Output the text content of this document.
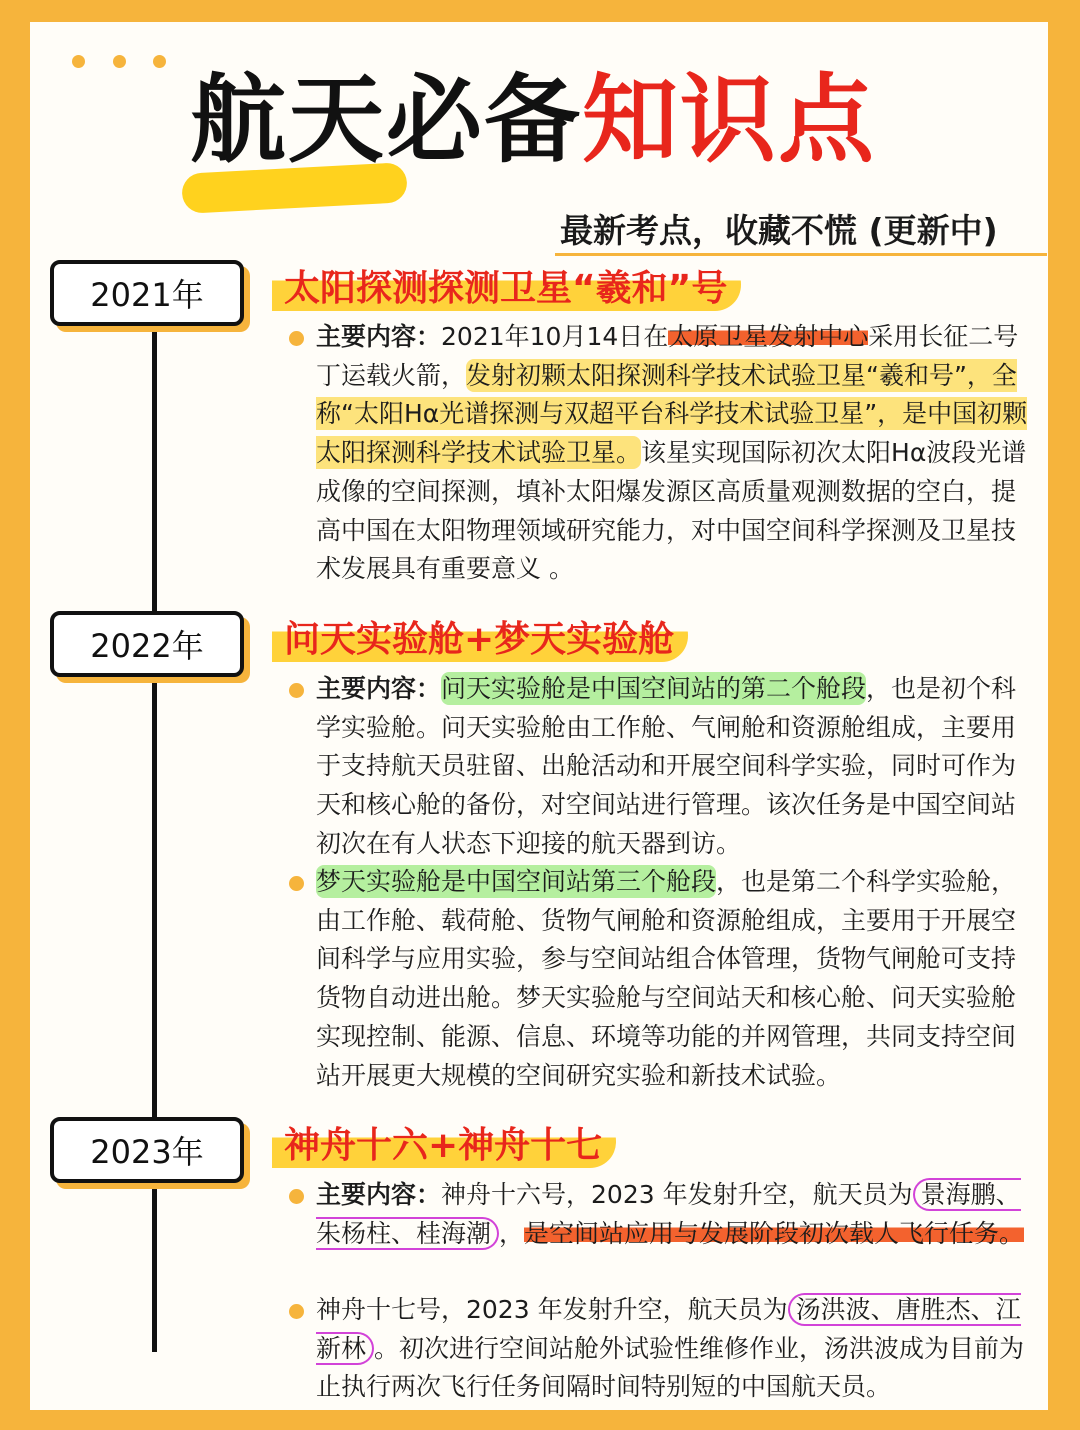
航天必备知识点
最新考点，收藏不慌 (更新中)
2021年	太阳探测探测卫星“羲和”号
主要内容：2021年10月14日在太原卫星发射中心采用长征二号丁运载火箭，发射初颗太阳探测科学技术试验卫星“羲和号”，全称“太阳Hα光谱探测与双超平台科学技术试验卫星”，是中国初颗太阳探测科学技术试验卫星。该星实现国际初次太阳Hα波段光谱成像的空间探测，填补太阳爆发源区高质量观测数据的空白，提高中国在太阳物理领域研究能力，对中国空间科学探测及卫星技术发展具有重要意义 。
2022年	问天实验舱+梦天实验舱
主要内容：问天实验舱是中国空间站的第二个舱段，也是初个科学实验舱。问天实验舱由工作舱、气闸舱和资源舱组成，主要用于支持航天员驻留、出舱活动和开展空间科学实验，同时可作为天和核心舱的备份，对空间站进行管理。该次任务是中国空间站初次在有人状态下迎接的航天器到访。
梦天实验舱是中国空间站第三个舱段，也是第二个科学实验舱，由工作舱、载荷舱、货物气闸舱和资源舱组成，主要用于开展空间科学与应用实验，参与空间站组合体管理，货物气闸舱可支持货物自动进出舱。梦天实验舱与空间站天和核心舱、问天实验舱实现控制、能源、信息、环境等功能的并网管理，共同支持空间站开展更大规模的空间研究实验和新技术试验。
2023年	神舟十六+神舟十七
主要内容：神舟十六号，2023 年发射升空，航天员为 景海鹏、朱杨柱、桂海潮 ，是空间站应用与发展阶段初次载人飞行任务。
神舟十七号，2023 年发射升空，航天员为 汤洪波、唐胜杰、江新林 。初次进行空间站舱外试验性维修作业，汤洪波成为目前为止执行两次飞行任务间隔时间特别短的中国航天员。
